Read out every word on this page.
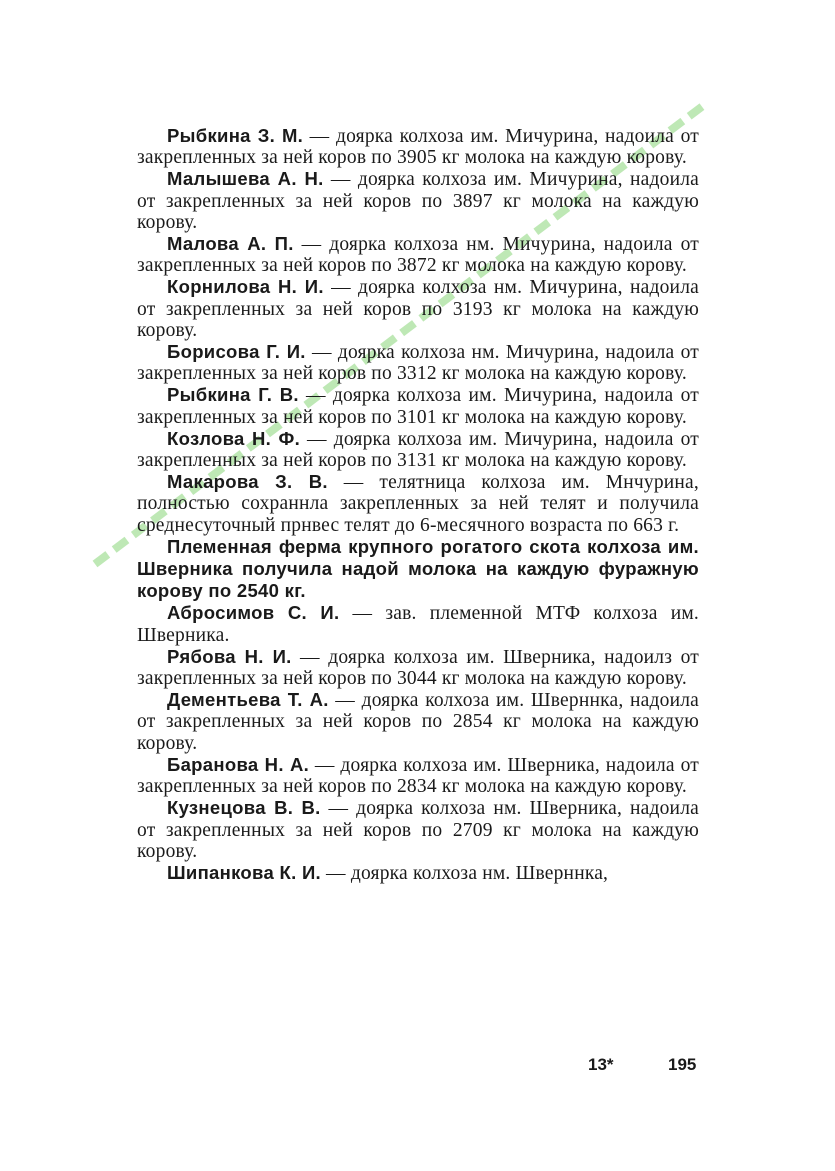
Рыбкина З. М. — доярка колхоза им. Мичурина, надоила от закрепленных за ней коров по 3905 кг молока на каждую корову.

Малышева А. Н. — доярка колхоза им. Мичурина, надоила от закрепленных за ней коров по 3897 кг молока на каждую корову.

Малова А. П. — доярка колхоза нм. Мичурина, надоила от закрепленных за ней коров по 3872 кг молока на каждую корову.

Корнилова Н. И. — доярка колхоза нм. Мичурина, надоила от закрепленных за ней коров по 3193 кг молока на каждую корову.

Борисова Г. И. — доярка колхоза нм. Мичурина, надоила от закрепленных за ней коров по 3312 кг молока на каждую корову.

Рыбкина Г. В. — доярка колхоза им. Мичурина, надоила от закрепленных за ней коров по 3101 кг молока на каждую корову.

Козлова Н. Ф. — доярка колхоза им. Мичурина, надоила от закрепленных за ней коров по 3131 кг молока на каждую корову.

Макарова З. В. — телятница колхоза им. Мнчурина, полностью сохраннла закрепленных за ней телят и получила среднесуточный прнвес телят до 6-месячного возраста по 663 г.

Племенная ферма крупного рогатого скота колхоза им. Шверника получила надой молока на каждую фуражную корову по 2540 кг.

Абросимов С. И. — зав. племенной МТФ колхоза им. Шверника.

Рябова Н. И. — доярка колхоза им. Шверника, надоилз от закрепленных за ней коров по 3044 кг молока на каждую корову.

Дементьева Т. А. — доярка колхоза им. Шверннка, надоила от закрепленных за ней коров по 2854 кг молока на каждую корову.

Баранова Н. А. — доярка колхоза им. Шверника, надоила от закрепленных за ней коров по 2834 кг молока на каждую корову.

Кузнецова В. В. — доярка колхоза нм. Шверника, надоила от закрепленных за ней коров по 2709 кг молока на каждую корову.

Шипанкова К. И. — доярка колхоза нм. Шверннка,

13*	195
